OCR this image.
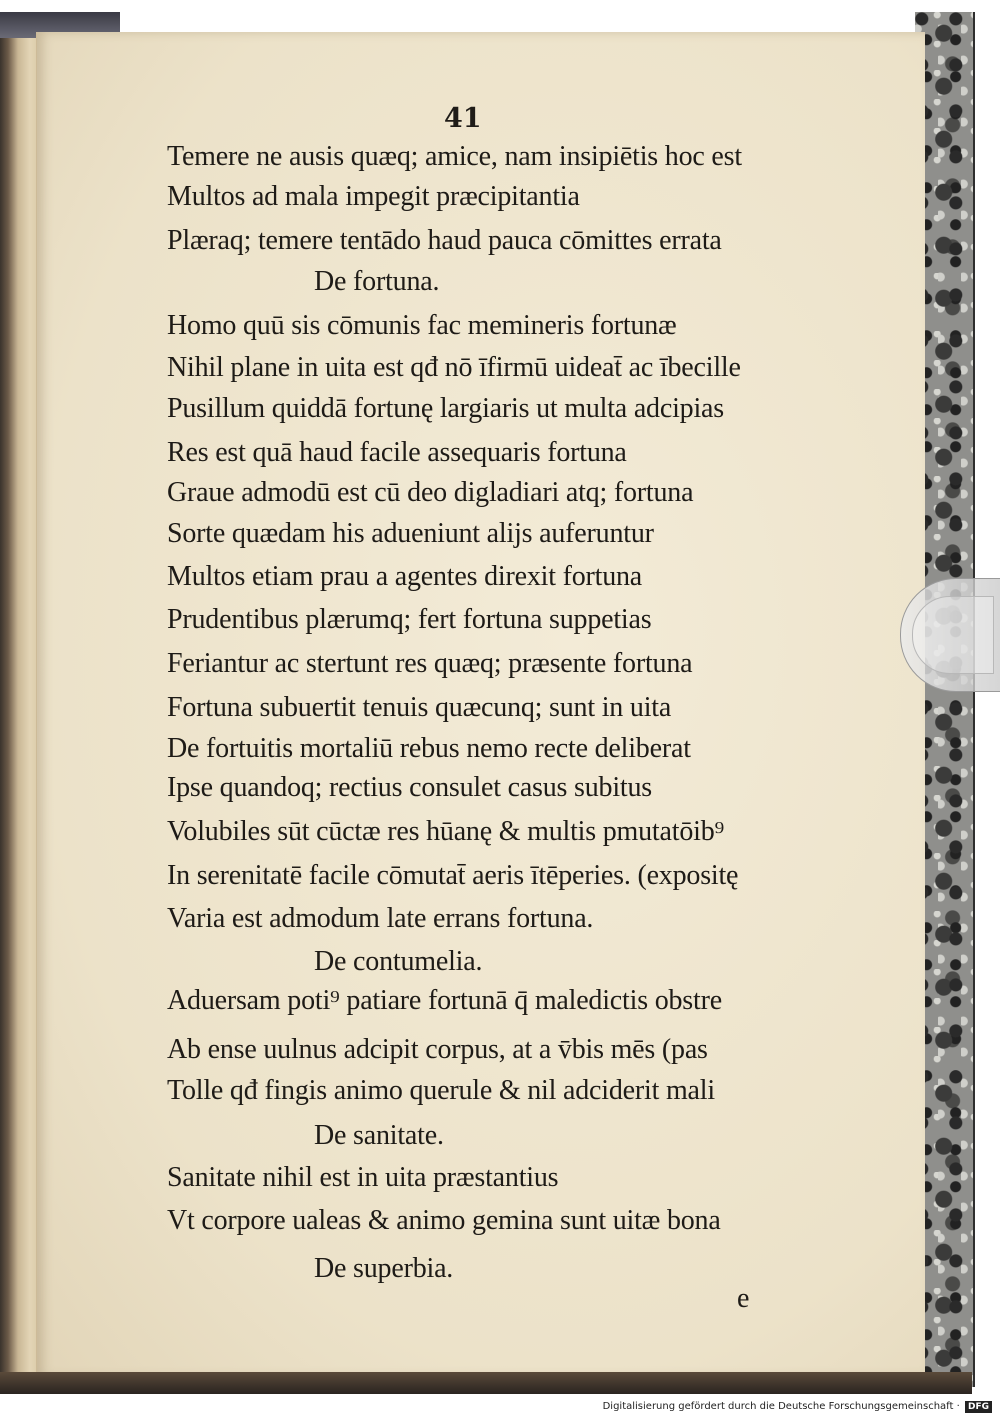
41
Temere ne ausis quæq; amice, nam insipiētis hoc est
Multos ad mala impegit præcipitantia
Plæraq; temere tentādo haud pauca cōmittes errata
De fortuna.
Homo quū sis cōmunis fac memineris fortunæ
Nihil plane in uita est qđ nō īfirmū uideat̄ ac ībecille
Pusillum quiddā fortunę largiaris ut multa adcipias
Res est quā haud facile assequaris fortuna
Graue admodū est cū deo digladiari atq; fortuna
Sorte quædam his adueniunt alijs auferuntur
Multos etiam prau a agentes direxit fortuna
Prudentibus plærumq; fert fortuna suppetias
Feriantur ac stertunt res quæq; præsente fortuna
Fortuna subuertit tenuis quæcunq; sunt in uita
De fortuitis mortaliū rebus nemo recte deliberat
Ipse quandoq; rectius consulet casus subitus
Volubiles sūt cūctæ res hūanę & multis pmutatōib⁹
In serenitatē facile cōmutat̄ aeris ītēperies. (expositę
Varia est admodum late errans fortuna.
De contumelia.
Aduersam poti⁹ patiare fortunā q̄ maledictis obstre
Ab ense uulnus adcipit corpus, at a v̄bis mēs (pas
Tolle qđ fingis animo querule & nil adciderit mali
De sanitate.
Sanitate nihil est in uita præstantius
Vt corpore ualeas & animo gemina sunt uitæ bona
De superbia.
e
Digitalisierung gefördert durch die Deutsche Forschungsgemeinschaft · DFG
